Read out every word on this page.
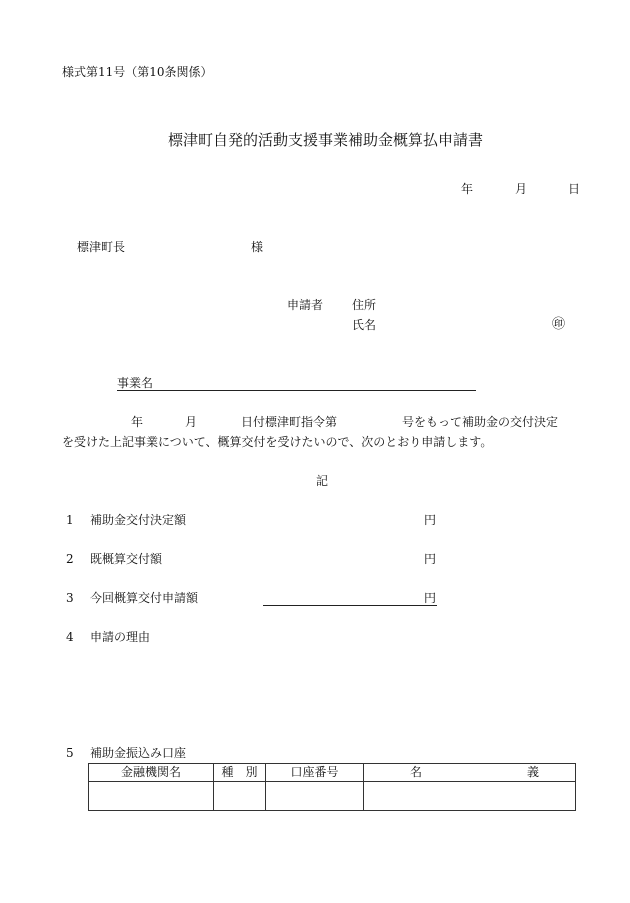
様式第11号（第10条関係）
標津町自発的活動支援事業補助金概算払申請書
年	月	日
標津町長	様
申請者 住所
氏名	㊞
事業名
年	月	日付標津町指令第	号をもって補助金の交付決定
を受けた上記事業について、概算交付を受けたいので、次のとおり申請します。
記
1 補助金交付決定額	円
2 既概算交付額	円
3 今回概算交付申請額	円
4 申請の理由
5 補助金振込み口座
金融機関名	種　別	口座番号	名 義
